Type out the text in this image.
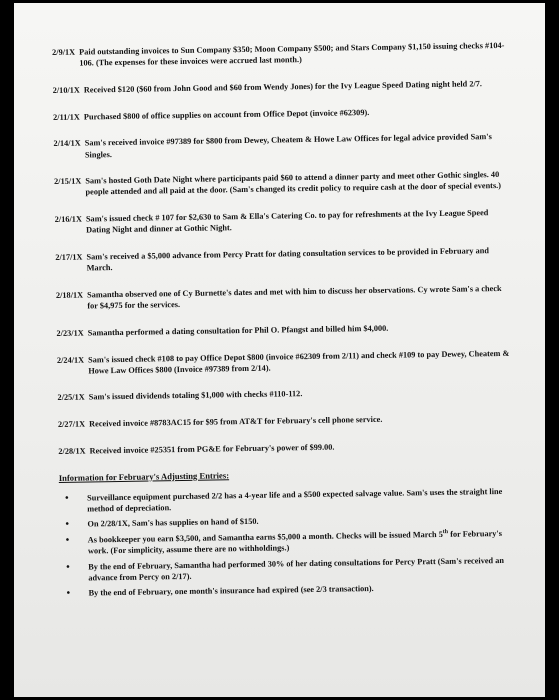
2/9/1X Paid outstanding invoices to Sun Company $350; Moon Company $500; and Stars Company $1,150 issuing checks #104-106. (The expenses for these invoices were accrued last month.)
2/10/1X Received $120 ($60 from John Good and $60 from Wendy Jones) for the Ivy League Speed Dating night held 2/7.
2/11/1X Purchased $800 of office supplies on account from Office Depot (invoice #62309).
2/14/1X Sam's received invoice #97389 for $800 from Dewey, Cheatem & Howe Law Offices for legal advice provided Sam's Singles.
2/15/1X Sam's hosted Goth Date Night where participants paid $60 to attend a dinner party and meet other Gothic singles. 40 people attended and all paid at the door. (Sam's changed its credit policy to require cash at the door of special events.)
2/16/1X Sam's issued check # 107 for $2,630 to Sam & Ella's Catering Co. to pay for refreshments at the Ivy League Speed Dating Night and dinner at Gothic Night.
2/17/1X Sam's received a $5,000 advance from Percy Pratt for dating consultation services to be provided in February and March.
2/18/1X Samantha observed one of Cy Burnette's dates and met with him to discuss her observations. Cy wrote Sam's a check for $4,975 for the services.
2/23/1X Samantha performed a dating consultation for Phil O. Pfangst and billed him $4,000.
2/24/1X Sam's issued check #108 to pay Office Depot $800 (invoice #62309 from 2/11) and check #109 to pay Dewey, Cheatem & Howe Law Offices $800 (Invoice #97389 from 2/14).
2/25/1X Sam's issued dividends totaling $1,000 with checks #110-112.
2/27/1X Received invoice #8783AC15 for $95 from AT&T for February's cell phone service.
2/28/1X Received invoice #25351 from PG&E for February's power of $99.00.
Information for February's Adjusting Entries:
• Surveillance equipment purchased 2/2 has a 4-year life and a $500 expected salvage value. Sam's uses the straight line method of depreciation.
• On 2/28/1X, Sam's has supplies on hand of $150.
• As bookkeeper you earn $3,500, and Samantha earns $5,000 a month. Checks will be issued March 5th for February's work. (For simplicity, assume there are no withholdings.)
• By the end of February, Samantha had performed 30% of her dating consultations for Percy Pratt (Sam's received an advance from Percy on 2/17).
• By the end of February, one month's insurance had expired (see 2/3 transaction).
